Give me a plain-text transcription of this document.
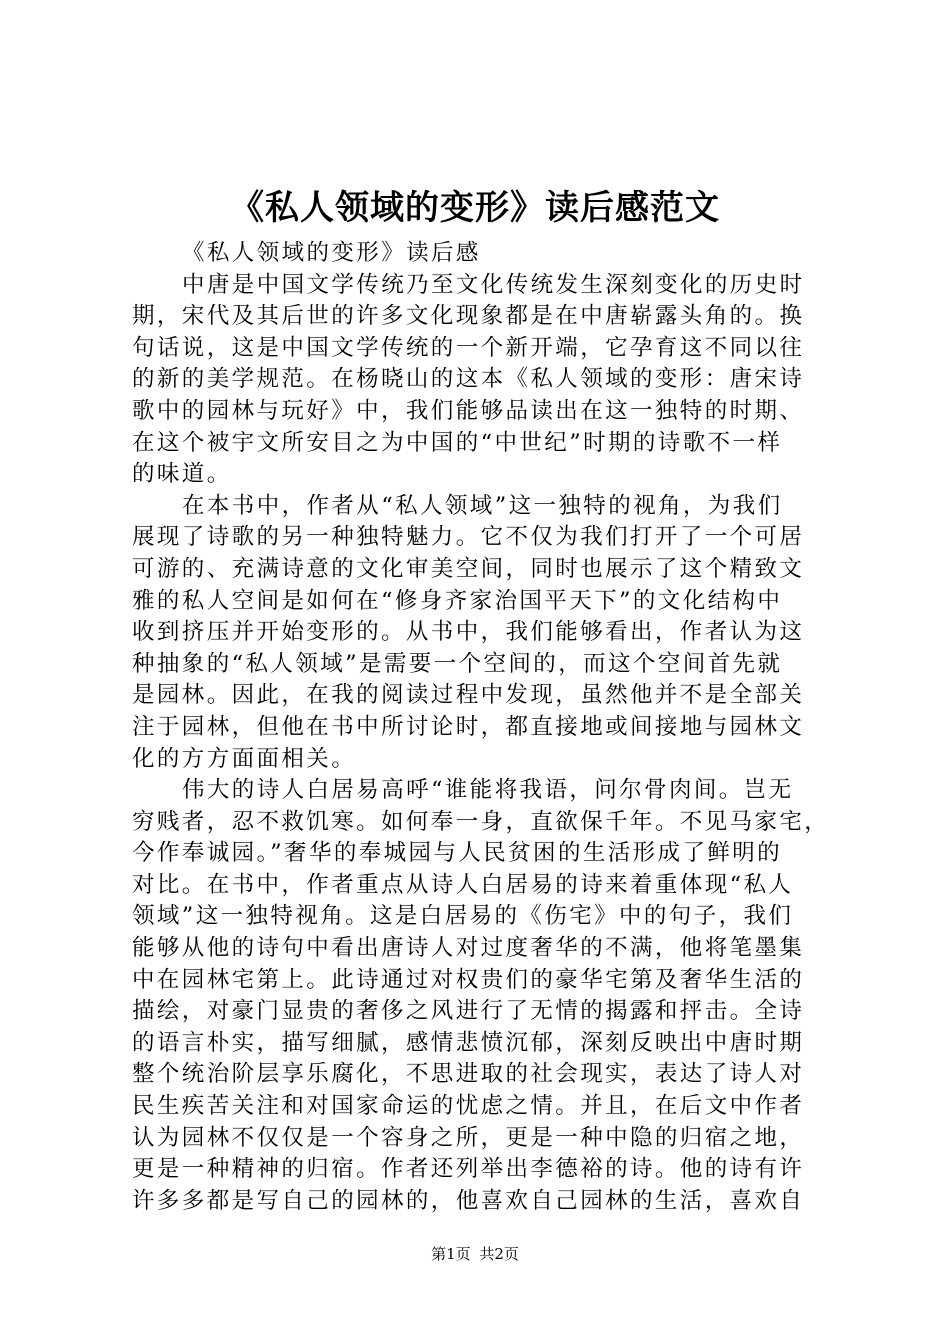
《私人领域的变形》读后感范文
《私人领域的变形》读后感
中唐是中国文学传统乃至文化传统发生深刻变化的历史时
期，宋代及其后世的许多文化现象都是在中唐崭露头角的。换
句话说，这是中国文学传统的一个新开端，它孕育这不同以往
的新的美学规范。在杨晓山的这本《私人领域的变形：唐宋诗
歌中的园林与玩好》中，我们能够品读出在这一独特的时期、
在这个被宇文所安目之为中国的“中世纪”时期的诗歌不一样
的味道。
在本书中，作者从“私人领域”这一独特的视角，为我们
展现了诗歌的另一种独特魅力。它不仅为我们打开了一个可居
可游的、充满诗意的文化审美空间，同时也展示了这个精致文
雅的私人空间是如何在“修身齐家治国平天下”的文化结构中
收到挤压并开始变形的。从书中，我们能够看出，作者认为这
种抽象的“私人领域”是需要一个空间的，而这个空间首先就
是园林。因此，在我的阅读过程中发现，虽然他并不是全部关
注于园林，但他在书中所讨论时，都直接地或间接地与园林文
化的方方面面相关。
伟大的诗人白居易高呼“谁能将我语，问尔骨肉间。岂无
穷贱者，忍不救饥寒。如何奉一身，直欲保千年。不见马家宅，
今作奉诚园。”奢华的奉城园与人民贫困的生活形成了鲜明的
对比。在书中，作者重点从诗人白居易的诗来着重体现“私人
领域”这一独特视角。这是白居易的《伤宅》中的句子，我们
能够从他的诗句中看出唐诗人对过度奢华的不满，他将笔墨集
中在园林宅第上。此诗通过对权贵们的豪华宅第及奢华生活的
描绘，对豪门显贵的奢侈之风进行了无情的揭露和抨击。全诗
的语言朴实，描写细腻，感情悲愤沉郁，深刻反映出中唐时期
整个统治阶层享乐腐化，不思进取的社会现实，表达了诗人对
民生疾苦关注和对国家命运的忧虑之情。并且，在后文中作者
认为园林不仅仅是一个容身之所，更是一种中隐的归宿之地，
更是一种精神的归宿。作者还列举出李德裕的诗。他的诗有许
许多多都是写自己的园林的，他喜欢自己园林的生活，喜欢自
第1页 共2页
